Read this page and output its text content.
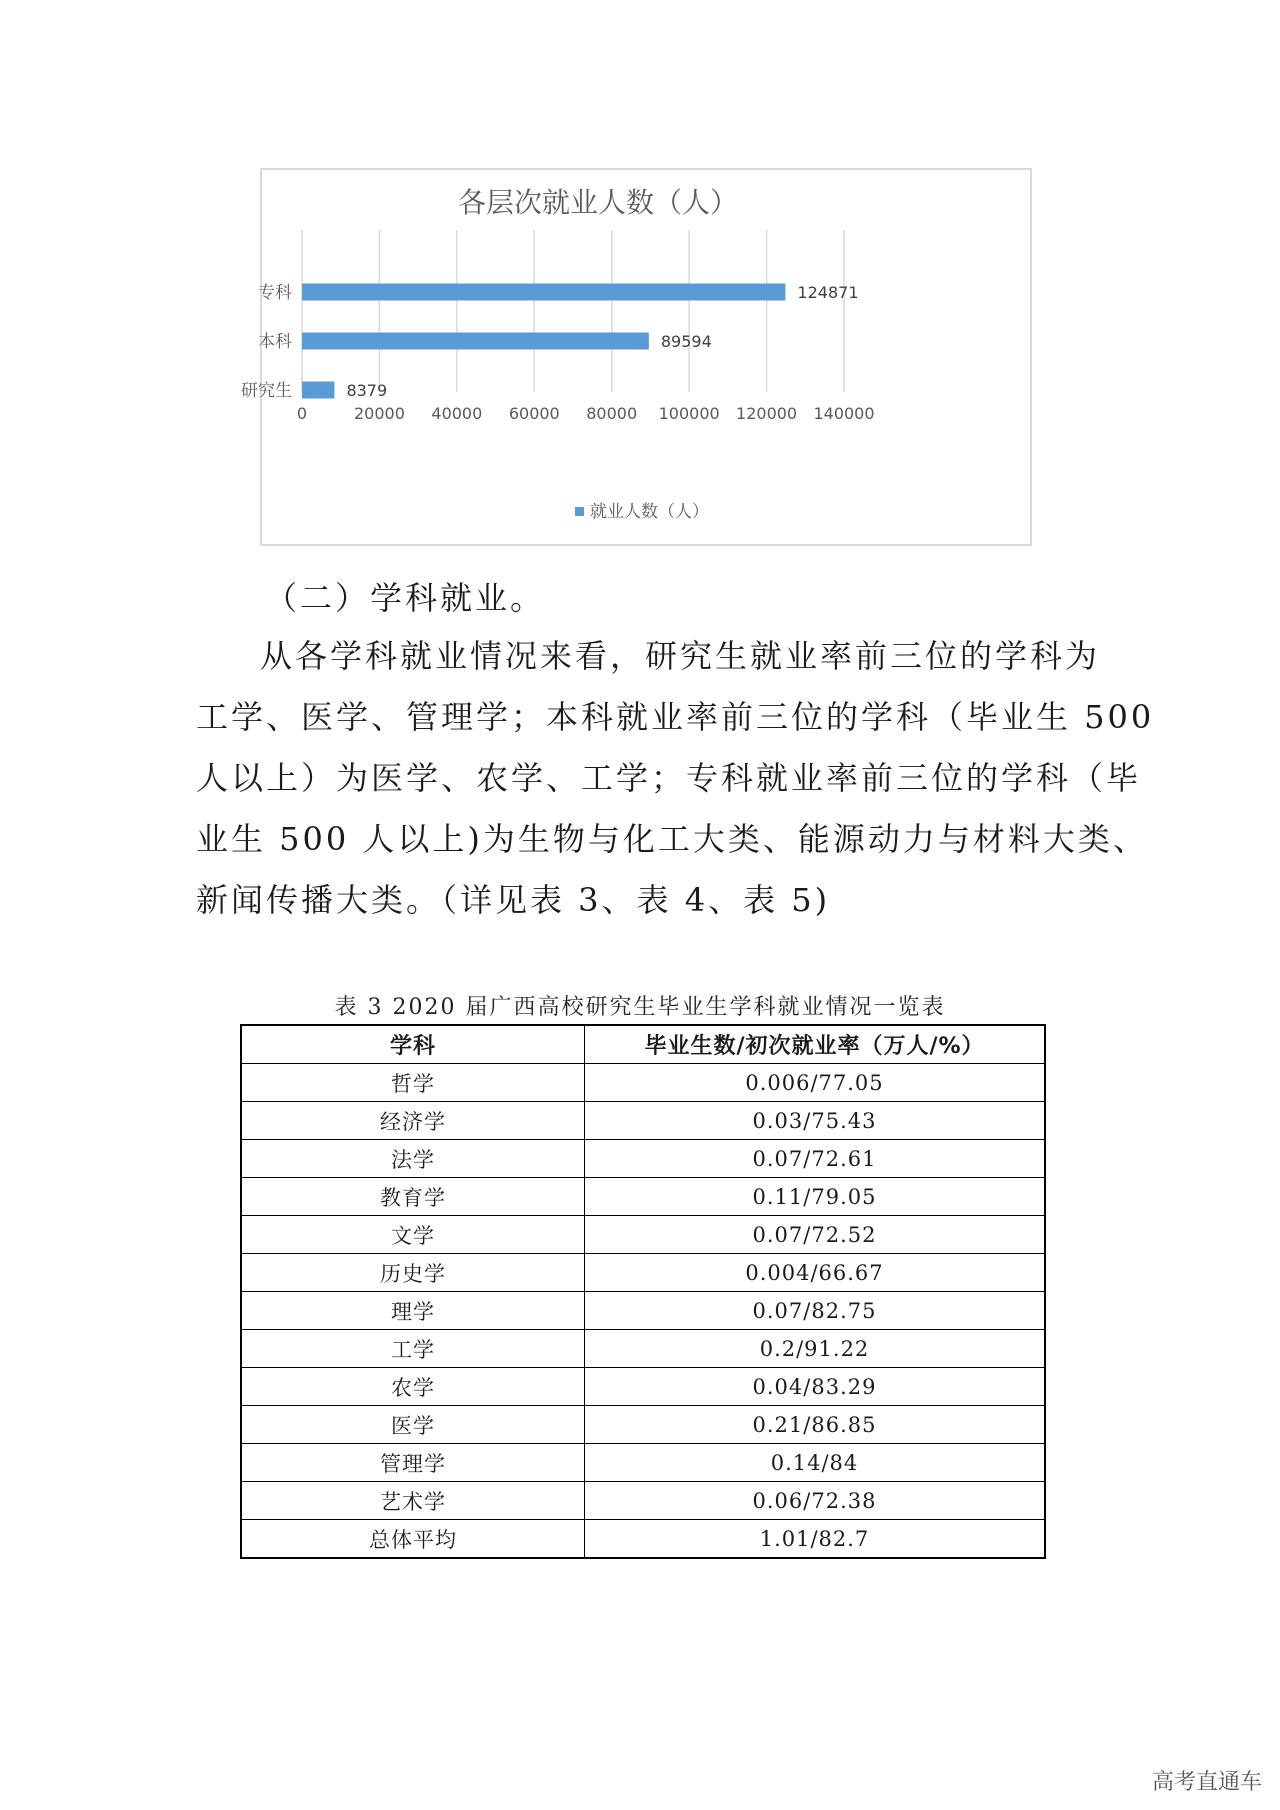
各层次就业人数（人）
0	20000 40000 60000 80000 100000 120000 140000
专科	124871
本科	89594
研究生	8379
就业人数（人）
（二）学科就业。
从各学科就业情况来看，研究生就业率前三位的学科为
工学、医学、管理学；本科就业率前三位的学科（毕业生 500
人以上）为医学、农学、工学；专科就业率前三位的学科（毕
业生 500 人以上)为生物与化工大类、能源动力与材料大类、
新闻传播大类。（详见表 3、表 4、表 5)
表 3 2020 届广西高校研究生毕业生学科就业情况一览表
学科	毕业生数/初次就业率（万人/%）
哲学	0.006/77.05
经济学	0.03/75.43
法学	0.07/72.61
教育学	0.11/79.05
文学	0.07/72.52
历史学	0.004/66.67
理学	0.07/82.75
工学	0.2/91.22
农学	0.04/83.29
医学	0.21/86.85
管理学	0.14/84
艺术学	0.06/72.38
总体平均	1.01/82.7
高考直通车
